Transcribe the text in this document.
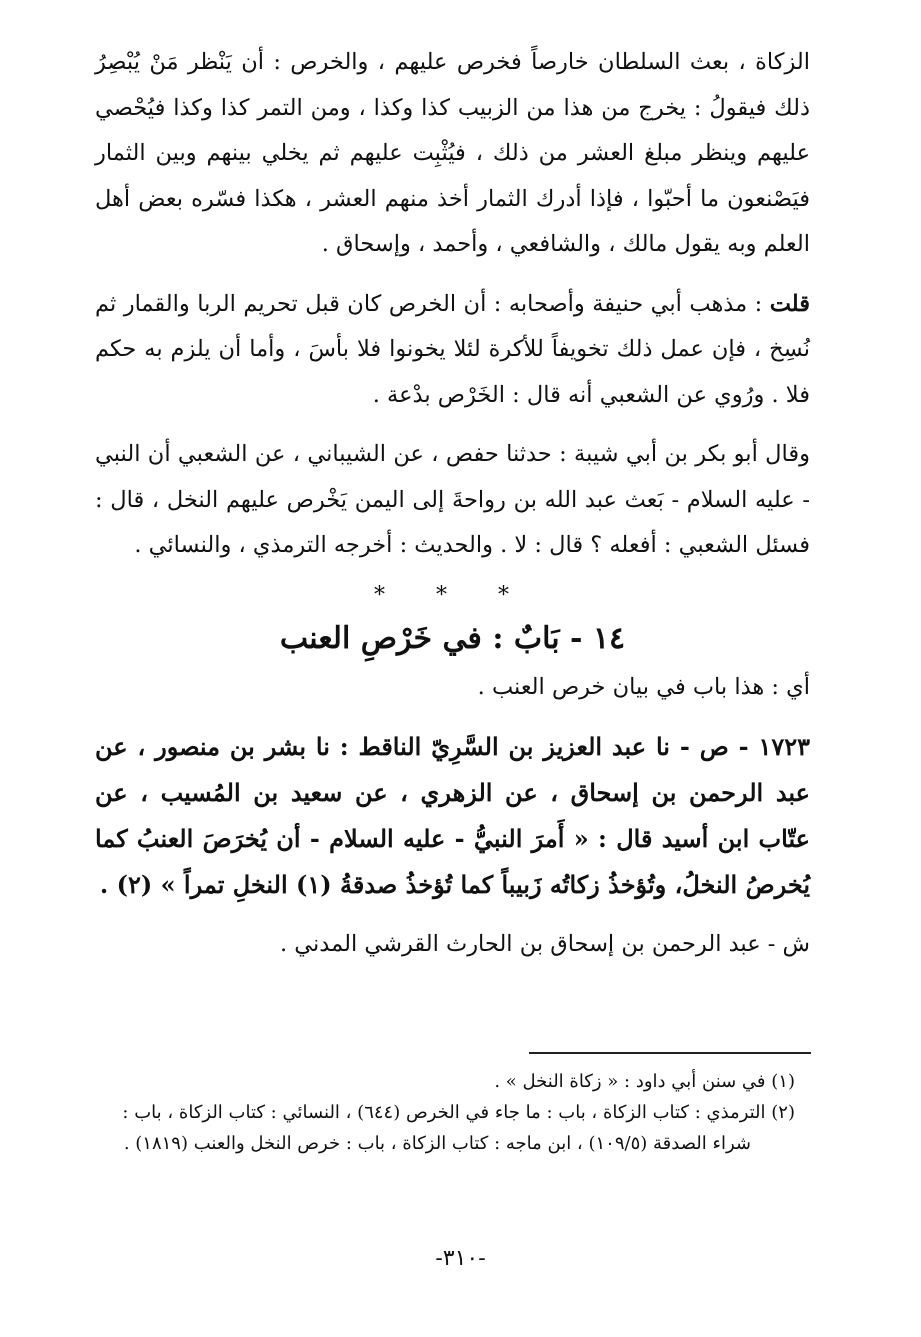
الزكاة ، بعث السلطان خارصاً فخرص عليهم ، والخرص : أن يَنْظر مَنْ يُبْصِرُ ذلك فيقولُ : يخرج من هذا من الزبيب كذا وكذا ، ومن التمر كذا وكذا فيُحْصي عليهم وينظر مبلغ العشر من ذلك ، فيُثْبِت عليهم ثم يخلي بينهم وبين الثمار فيَصْنعون ما أحبّوا ، فإذا أدرك الثمار أخذ منهم العشر ، هكذا فسّره بعض أهل العلم وبه يقول مالك ، والشافعي ، وأحمد ، وإسحاق .

قلت : مذهب أبي حنيفة وأصحابه : أن الخرص كان قبل تحريم الربا والقمار ثم نُسِخ ، فإن عمل ذلك تخويفاً للأكرة لئلا يخونوا فلا بأسَ ، وأما أن يلزم به حكم فلا . ورُوي عن الشعبي أنه قال : الخَرْص بدْعة .

وقال أبو بكر بن أبي شيبة : حدثنا حفص ، عن الشيباني ، عن الشعبي أن النبي - عليه السلام - بَعث عبد الله بن رواحةَ إلى اليمن يَخْرص عليهم النخل ، قال : فسئل الشعبي : أفعله ؟ قال : لا . والحديث : أخرجه الترمذي ، والنسائي .

* * *
١٤ - بَابٌ : في خَرْصِ العنب

أي : هذا باب في بيان خرص العنب .

١٧٢٣ - ص - نا عبد العزيز بن السَّرِيّ الناقط : نا بشر بن منصور ، عن عبد الرحمن بن إسحاق ، عن الزهري ، عن سعيد بن المُسيب ، عن عتّاب ابن أسيد قال : « أَمرَ النبيُّ - عليه السلام - أن يُخرَصَ العنبُ كما يُخرصُ النخلُ، وتُؤخذُ زكاتُه زَبيباً كما تُؤخذُ صدقةُ (١) النخلِ تمراً » (٢) .

ش - عبد الرحمن بن إسحاق بن الحارث القرشي المدني .

(١) في سنن أبي داود : « زكاة النخل » .

(٢) الترمذي : كتاب الزكاة ، باب : ما جاء في الخرص (٦٤٤) ، النسائي : كتاب الزكاة ، باب : شراء الصدقة (١٠٩/٥) ، ابن ماجه : كتاب الزكاة ، باب : خرص النخل والعنب (١٨١٩) .

-٣١٠-
